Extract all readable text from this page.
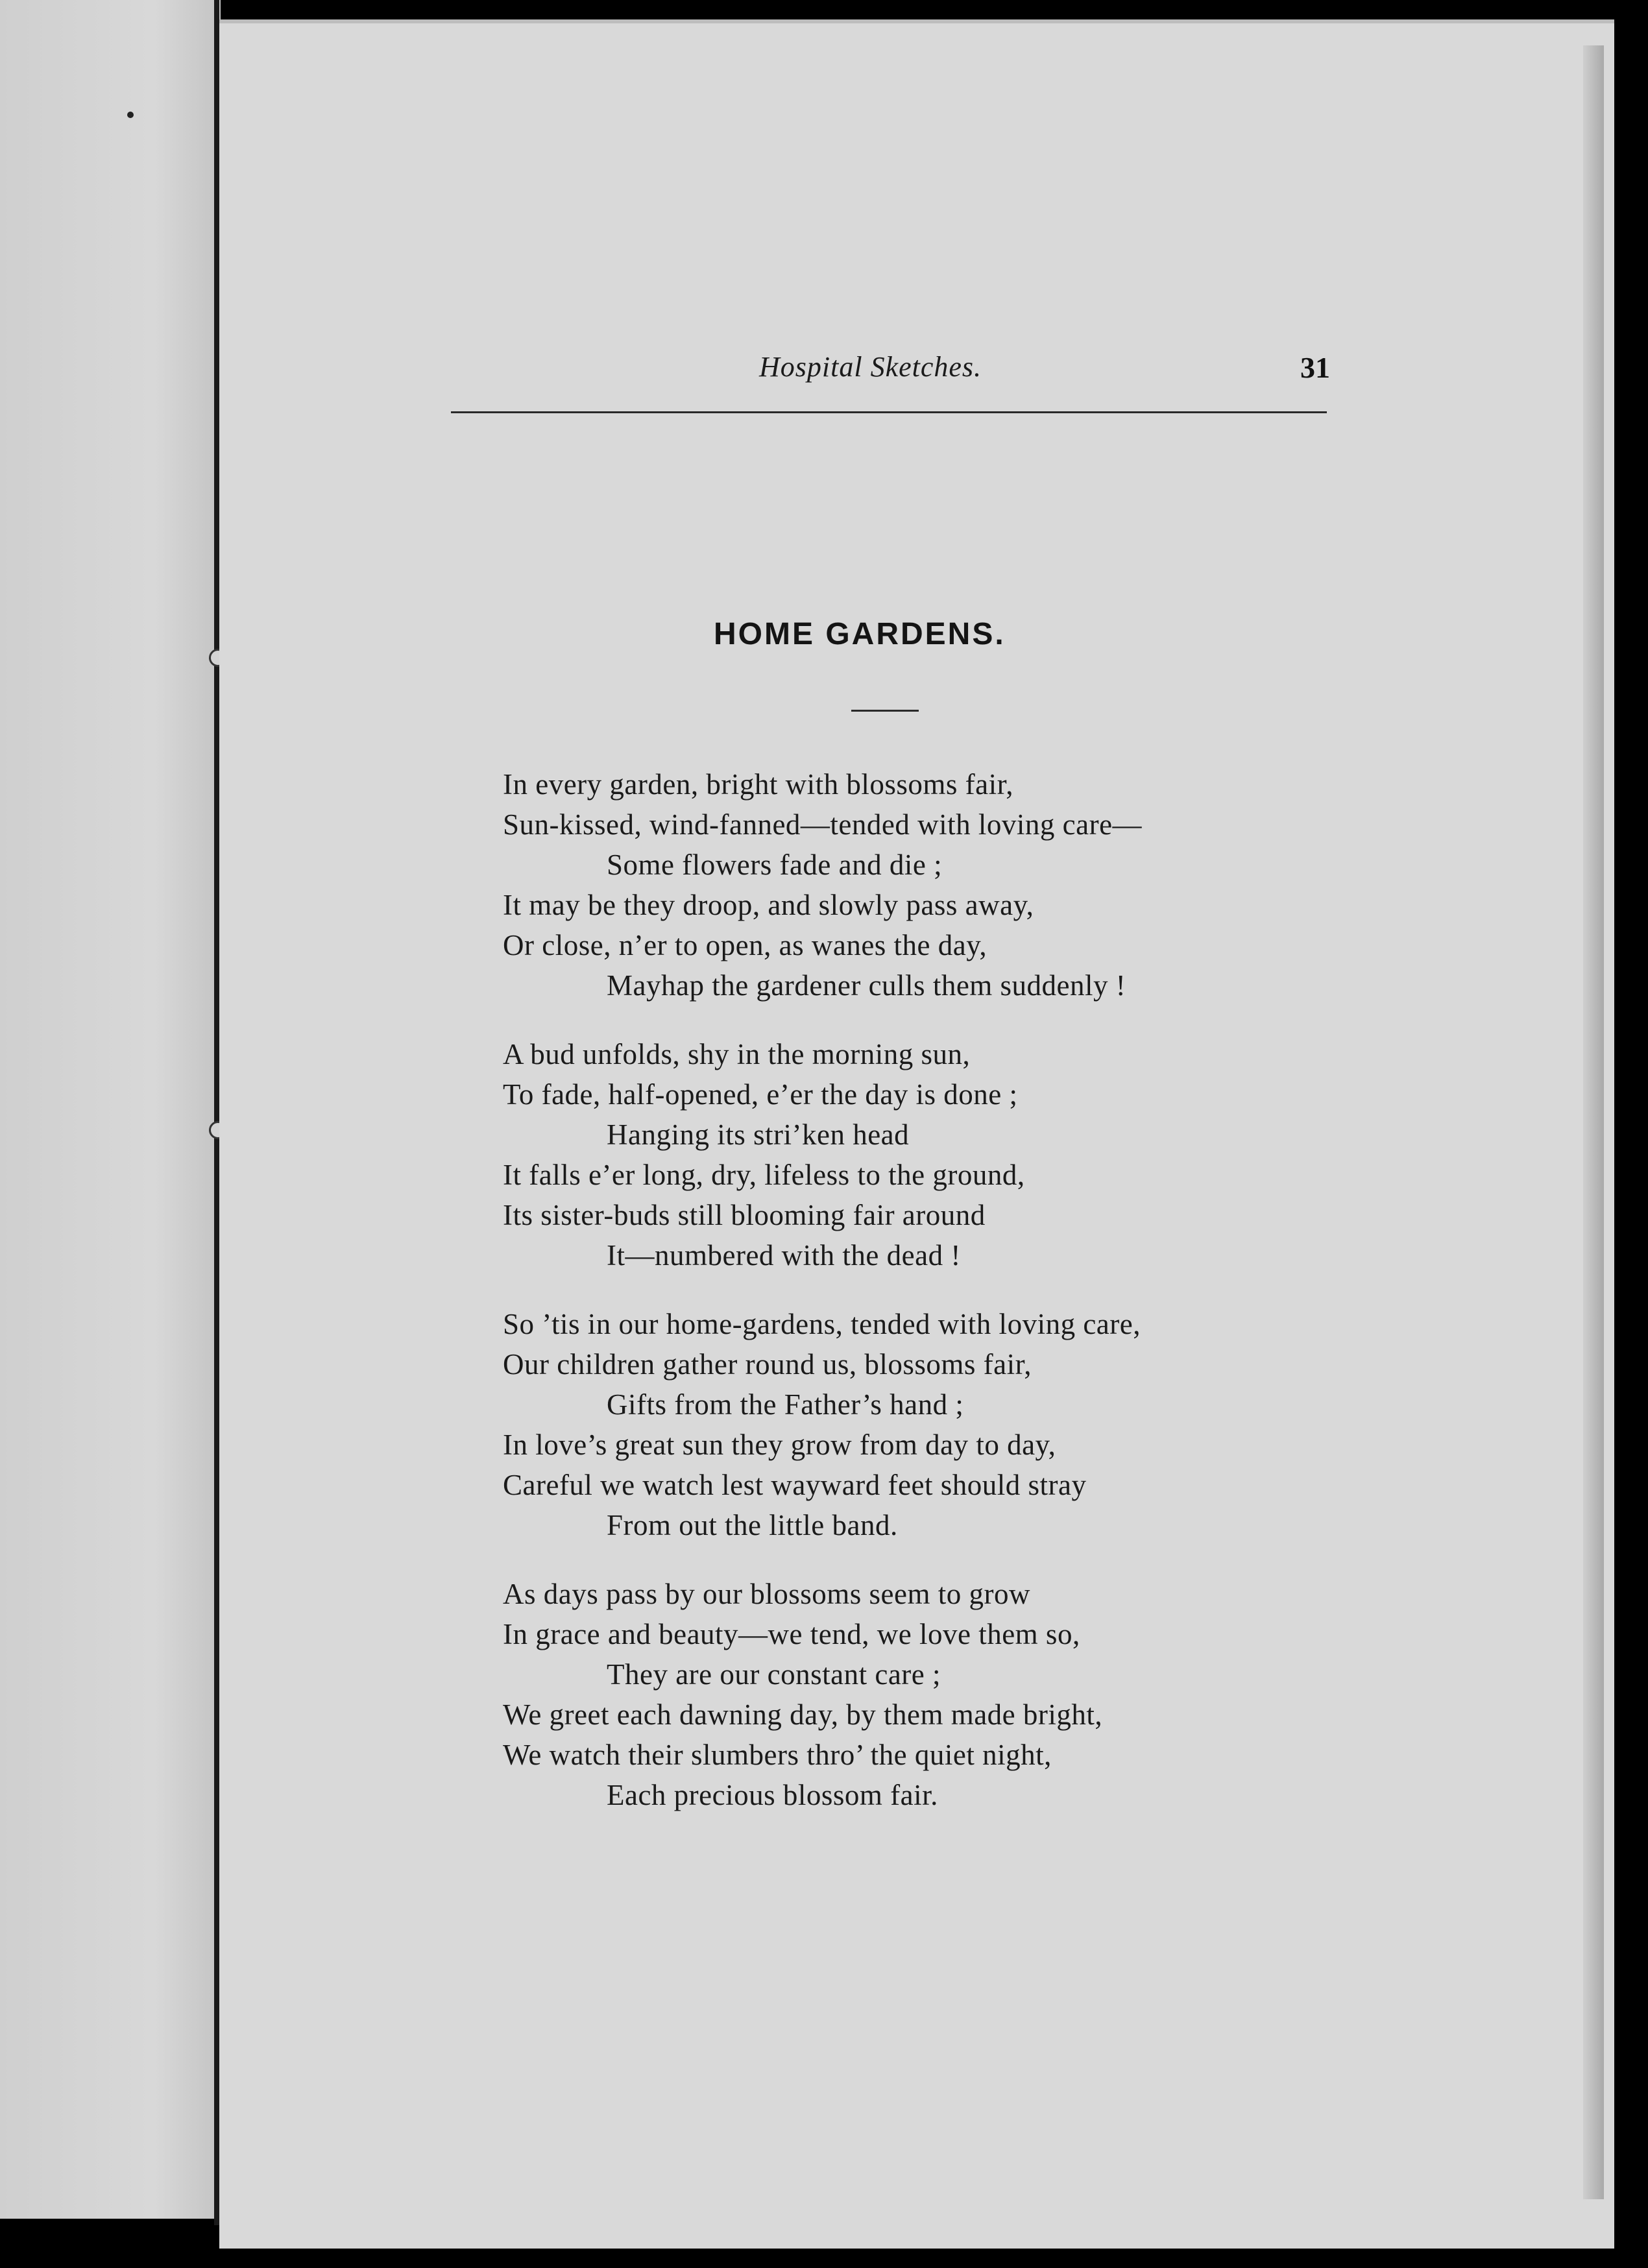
Hospital Sketches.	31
HOME GARDENS.
In every garden, bright with blossoms fair,
Sun-kissed, wind-fanned—tended with loving care—
Some flowers fade and die ;
It may be they droop, and slowly pass away,
Or close, n’er to open, as wanes the day,
Mayhap the gardener culls them suddenly !
A bud unfolds, shy in the morning sun,
To fade, half-opened, e’er the day is done ;
Hanging its stri’ken head
It falls e’er long, dry, lifeless to the ground,
Its sister-buds still blooming fair around
It—numbered with the dead !
So ’tis in our home-gardens, tended with loving care,
Our children gather round us, blossoms fair,
Gifts from the Father’s hand ;
In love’s great sun they grow from day to day,
Careful we watch lest wayward feet should stray
From out the little band.
As days pass by our blossoms seem to grow
In grace and beauty—we tend, we love them so,
They are our constant care ;
We greet each dawning day, by them made bright,
We watch their slumbers thro’ the quiet night,
Each precious blossom fair.
